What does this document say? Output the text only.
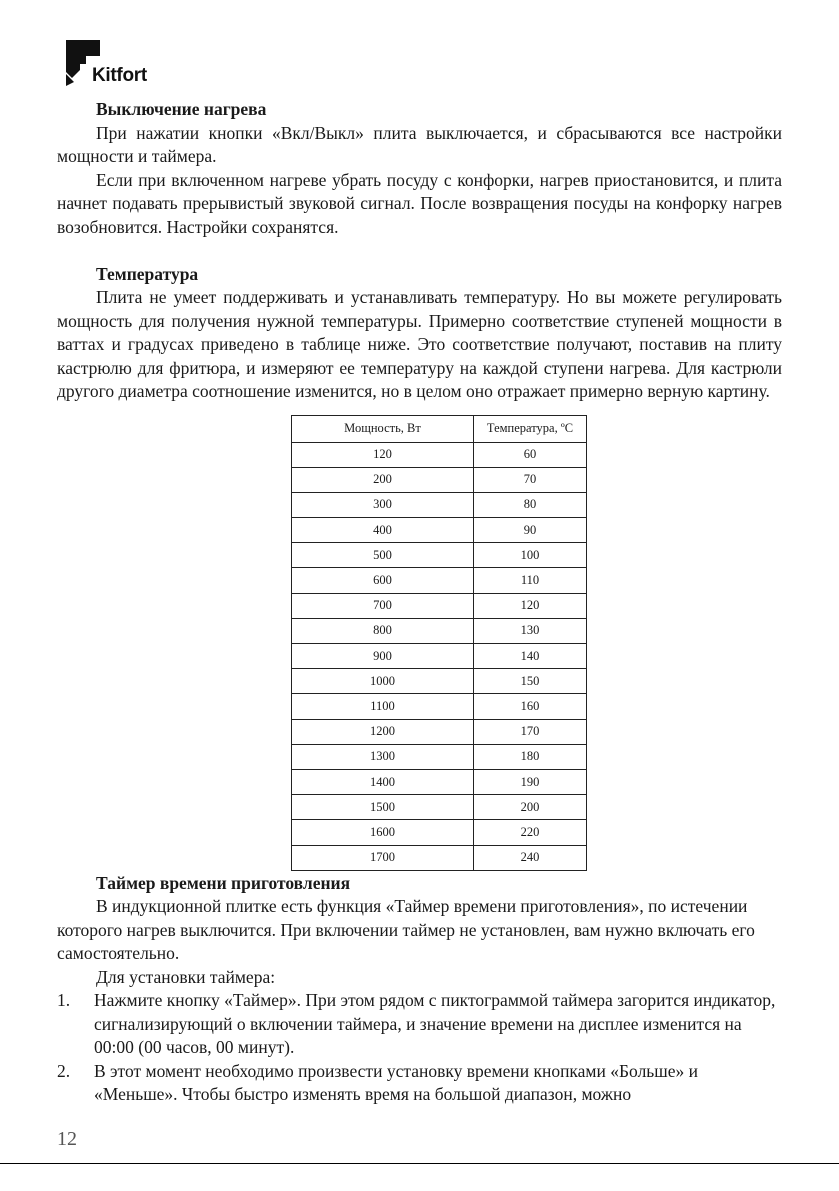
Kitfort
Выключение нагрева

При нажатии кнопки «Вкл/Выкл» плита выключается, и сбрасываются все настройки мощности и таймера.

Если при включенном нагреве убрать посуду с конфорки, нагрев приостановится, и плита начнет подавать прерывистый звуковой сигнал. После возвращения посуды на конфорку нагрев возобновится. Настройки сохранятся.

Температура

Плита не умеет поддерживать и устанавливать температуру. Но вы можете регулировать мощность для получения нужной температуры. Примерно соответствие ступеней мощности в ваттах и градусах приведено в таблице ниже. Это соответствие получают, поставив на плиту кастрюлю для фритюра, и измеряют ее температуру на каждой ступени нагрева. Для кастрюли другого диаметра соотношение изменится, но в целом оно отражает примерно верную картину.

Мощность, Вт	Температура, ºС
120	60
200	70
300	80
400	90
500	100
600	110
700	120
800	130
900	140
1000	150
1100	160
1200	170
1300	180
1400	190
1500	200
1600	220
1700	240
Таймер времени приготовления

В индукционной плитке есть функция «Таймер времени приготовления», по истечении которого нагрев выключится. При включении таймер не установлен, вам нужно включать его самостоятельно.

Для установки таймера:

1. Нажмите кнопку «Таймер». При этом рядом с пиктограммой таймера загорится индикатор, сигнализирующий о включении таймера, и значение времени на дисплее изменится на 00:00 (00 часов, 00 минут).
2. В этот момент необходимо произвести установку времени кнопками «Больше» и «Меньше». Чтобы быстро изменять время на большой диапазон, можно
12
